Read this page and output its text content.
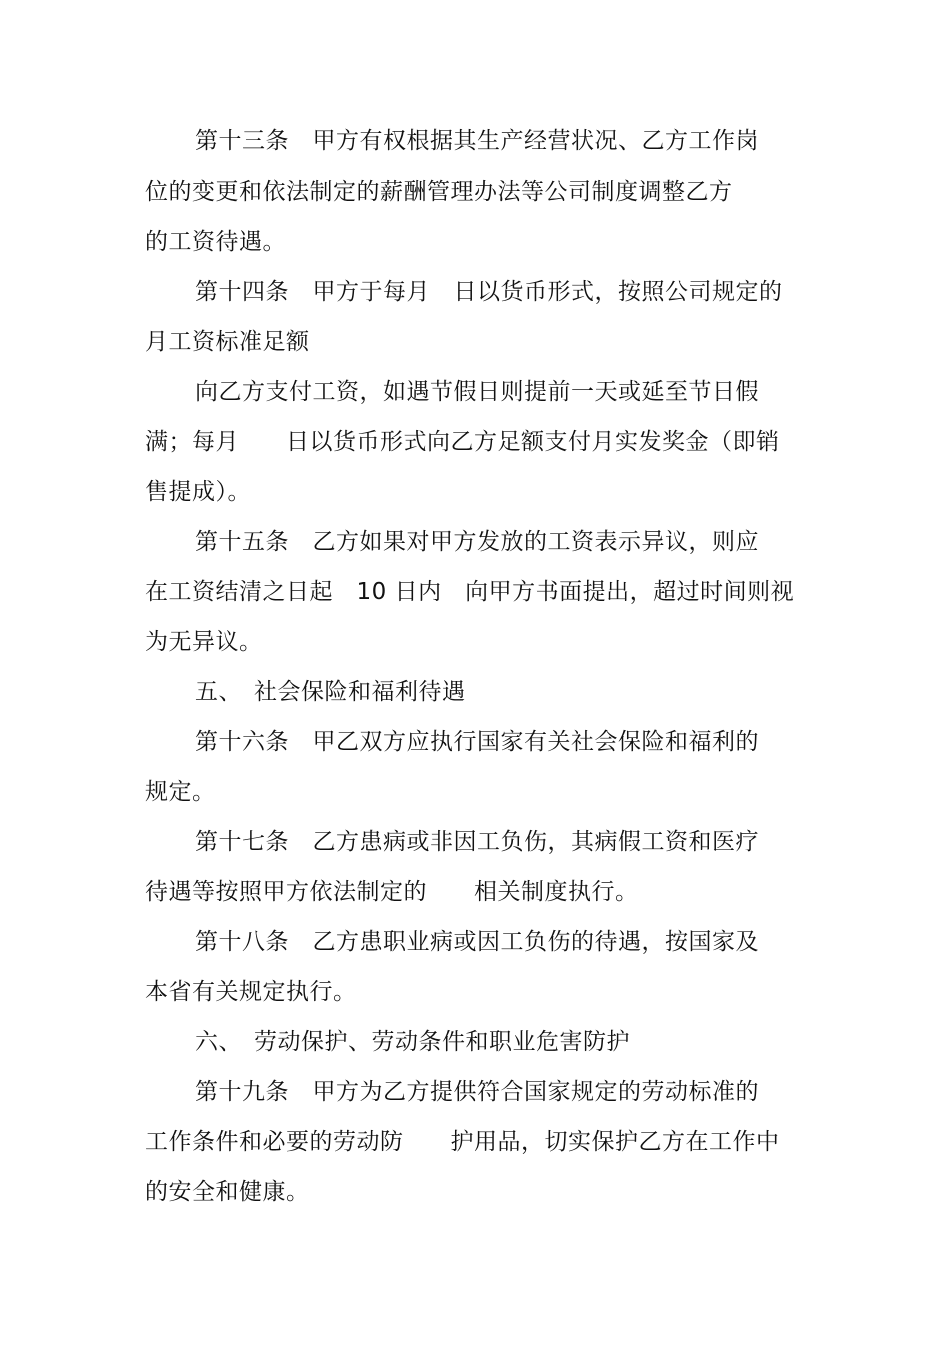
第十三条　甲方有权根据其生产经营状况、乙方工作岗
位的变更和依法制定的薪酬管理办法等公司制度调整乙方
的工资待遇。
第十四条　甲方于每月　日以货币形式，按照公司规定的
月工资标准足额
向乙方支付工资，如遇节假日则提前一天或延至节日假
满；每月　　日以货币形式向乙方足额支付月实发奖金（即销
售提成）。
第十五条　乙方如果对甲方发放的工资表示异议，则应
在工资结清之日起　10 日内　向甲方书面提出，超过时间则视
为无异议。
五、　社会保险和福利待遇
第十六条　甲乙双方应执行国家有关社会保险和福利的
规定。
第十七条　乙方患病或非因工负伤，其病假工资和医疗
待遇等按照甲方依法制定的　　相关制度执行。
第十八条　乙方患职业病或因工负伤的待遇，按国家及
本省有关规定执行。
六、　劳动保护、劳动条件和职业危害防护
第十九条　甲方为乙方提供符合国家规定的劳动标准的
工作条件和必要的劳动防　　护用品，切实保护乙方在工作中
的安全和健康。
